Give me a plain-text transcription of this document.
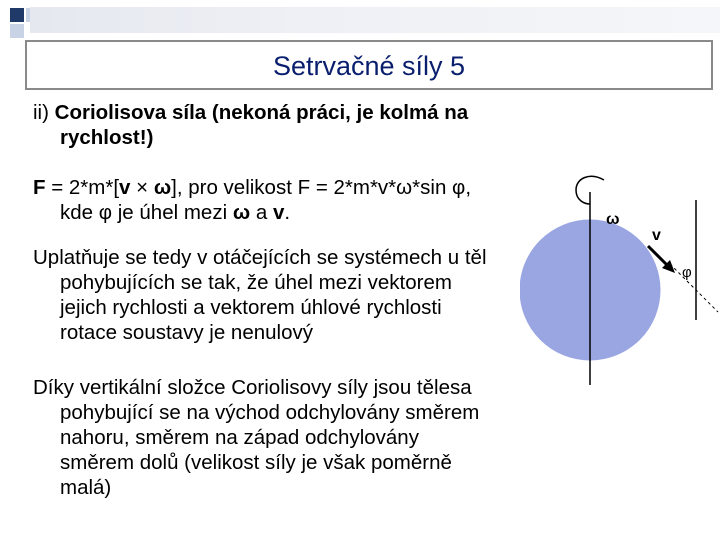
Setrvačné síly 5
ii) Coriolisova síla (nekoná práci, je kolmá na
rychlost!)
F = 2*m*[v × ω], pro velikost F = 2*m*v*ω*sin φ,
kde φ je úhel mezi ω a v.	ω
v
φ
Uplatňuje se tedy v otáčejících se systémech u těl
pohybujících se tak, že úhel mezi vektorem
jejich rychlosti a vektorem úhlové rychlosti
rotace soustavy je nenulový
Díky vertikální složce Coriolisovy síly jsou tělesa
pohybující se na východ odchylovány směrem
nahoru, směrem na západ odchylovány
směrem dolů (velikost síly je však poměrně
malá)
